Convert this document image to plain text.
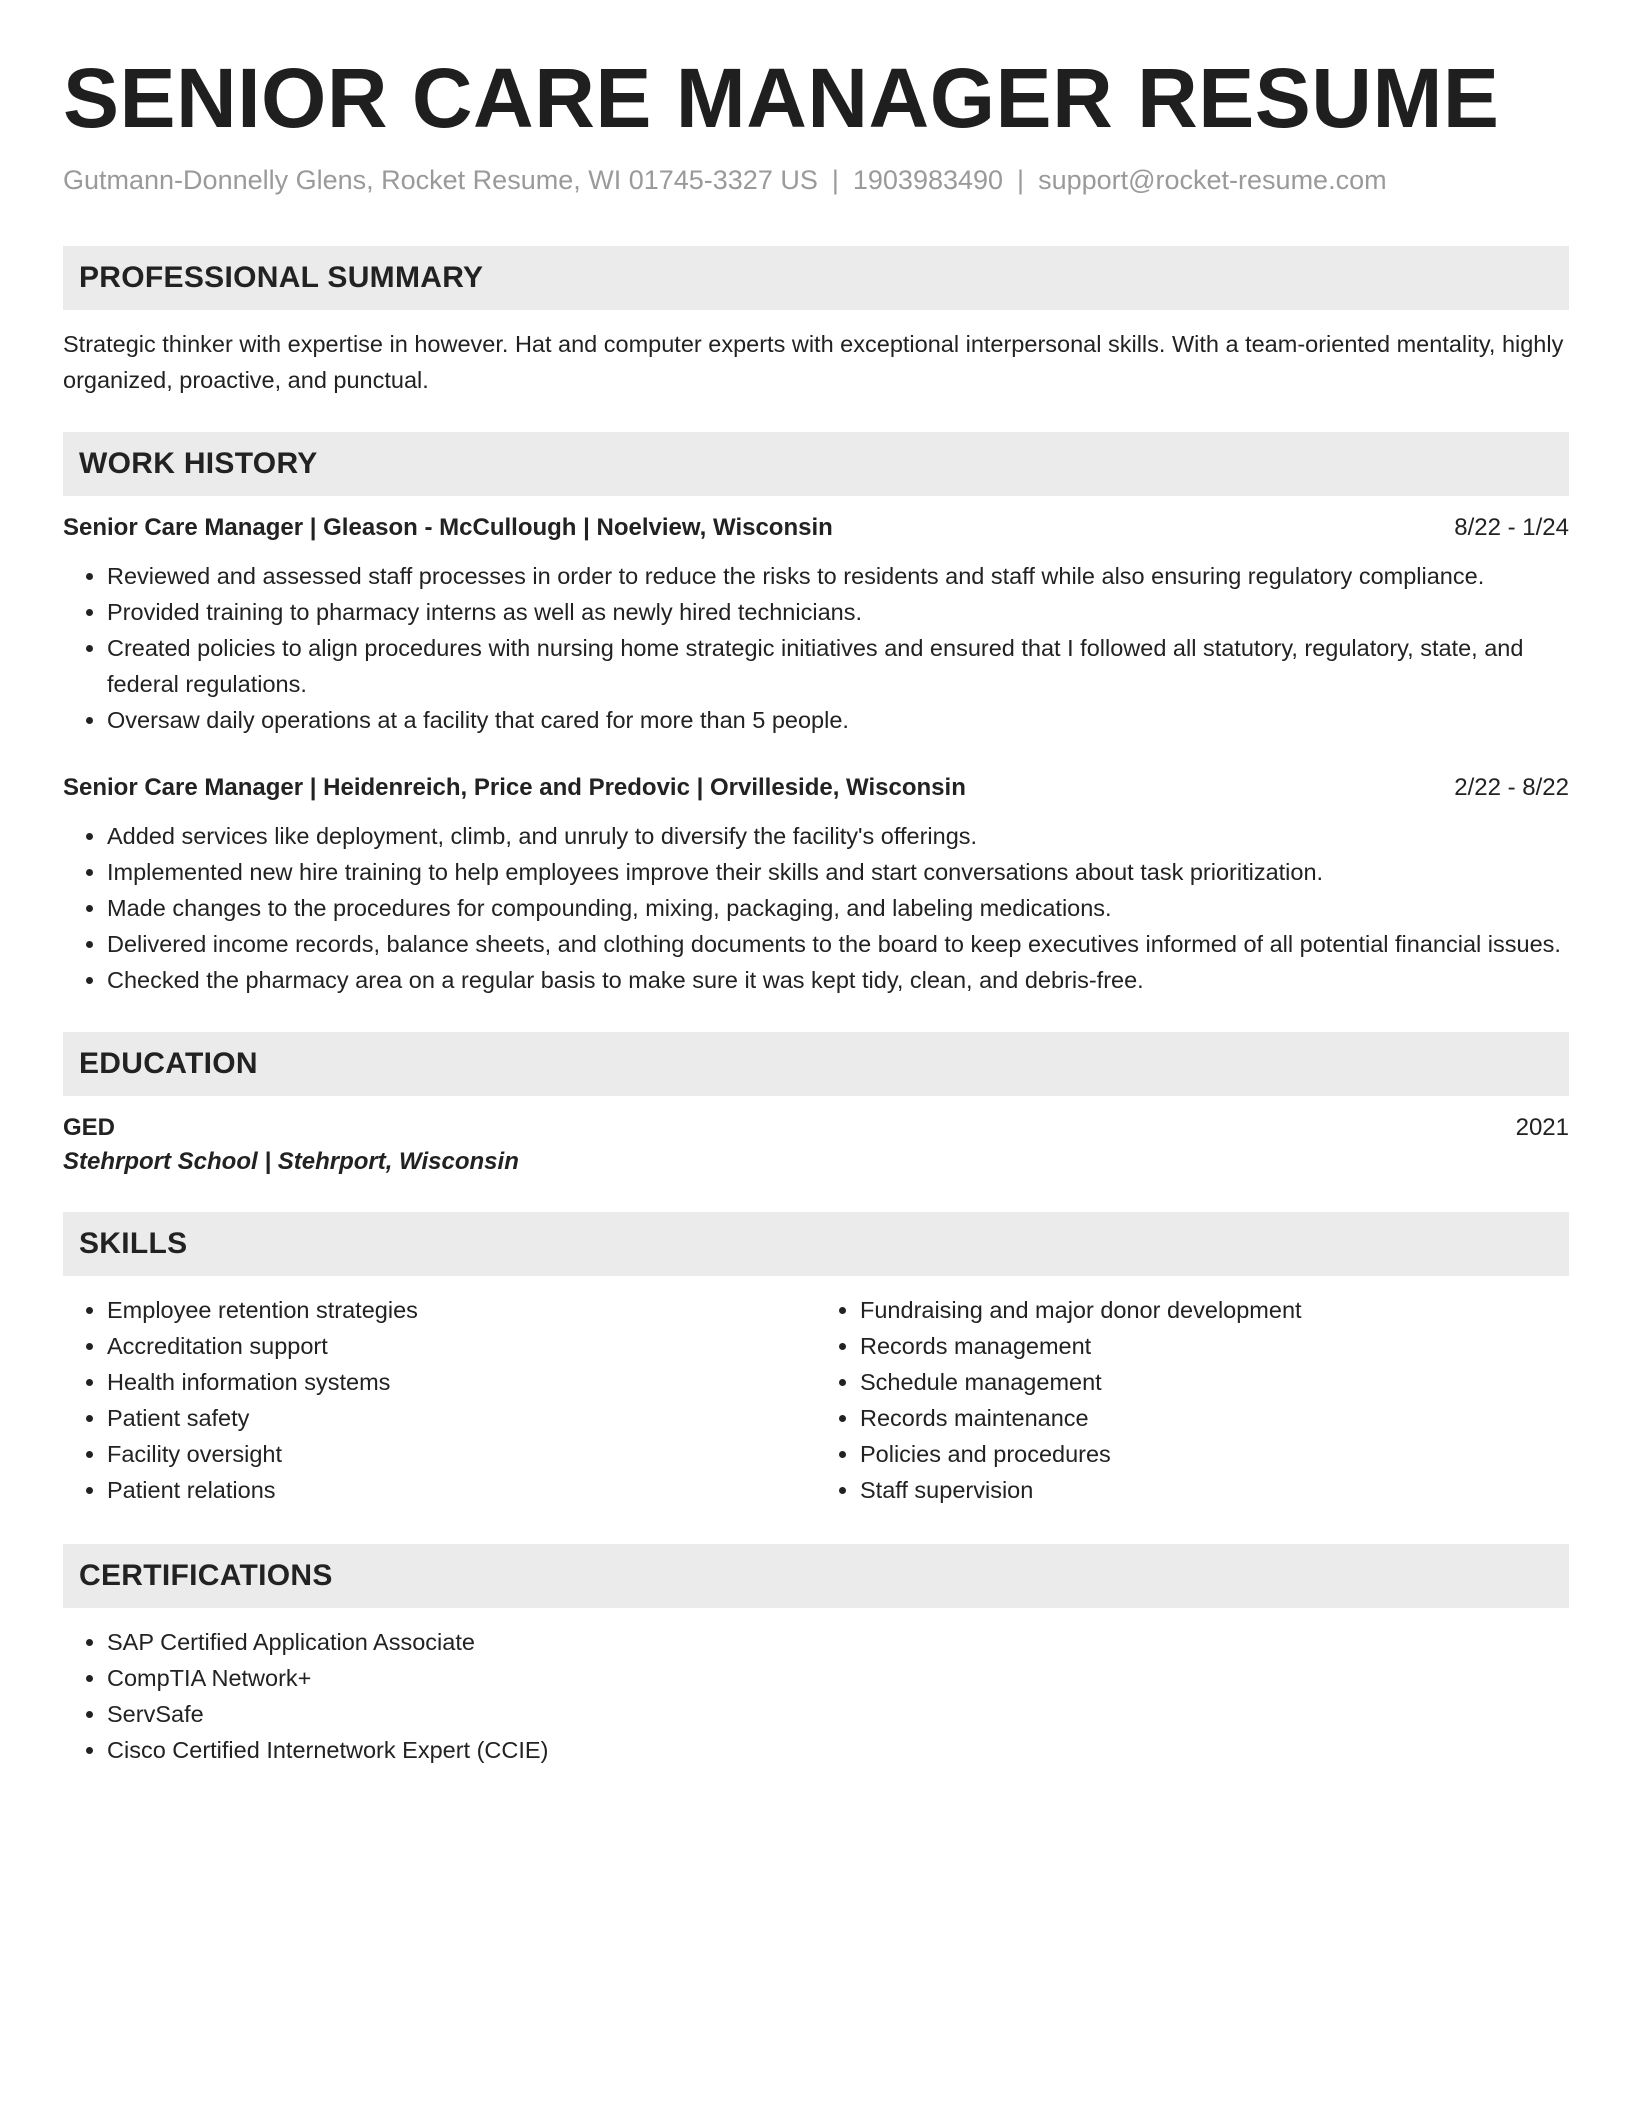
SENIOR CARE MANAGER RESUME
Gutmann-Donnelly Glens, Rocket Resume, WI 01745-3327 US | 1903983490 | support@rocket-resume.com
PROFESSIONAL SUMMARY
Strategic thinker with expertise in however. Hat and computer experts with exceptional interpersonal skills. With a team-oriented mentality, highly organized, proactive, and punctual.
WORK HISTORY
Senior Care Manager | Gleason - McCullough | Noelview, Wisconsin	8/22 - 1/24
• Reviewed and assessed staff processes in order to reduce the risks to residents and staff while also ensuring regulatory compliance.
• Provided training to pharmacy interns as well as newly hired technicians.
• Created policies to align procedures with nursing home strategic initiatives and ensured that I followed all statutory, regulatory, state, and federal regulations.
• Oversaw daily operations at a facility that cared for more than 5 people.
Senior Care Manager | Heidenreich, Price and Predovic | Orvilleside, Wisconsin	2/22 - 8/22
• Added services like deployment, climb, and unruly to diversify the facility's offerings.
• Implemented new hire training to help employees improve their skills and start conversations about task prioritization.
• Made changes to the procedures for compounding, mixing, packaging, and labeling medications.
• Delivered income records, balance sheets, and clothing documents to the board to keep executives informed of all potential financial issues.
• Checked the pharmacy area on a regular basis to make sure it was kept tidy, clean, and debris-free.
EDUCATION
GED	2021
Stehrport School | Stehrport, Wisconsin
SKILLS
• Employee retention strategies
• Accreditation support
• Health information systems
• Patient safety
• Facility oversight
• Patient relations
• Fundraising and major donor development
• Records management
• Schedule management
• Records maintenance
• Policies and procedures
• Staff supervision
CERTIFICATIONS
• SAP Certified Application Associate
• CompTIA Network+
• ServSafe
• Cisco Certified Internetwork Expert (CCIE)
